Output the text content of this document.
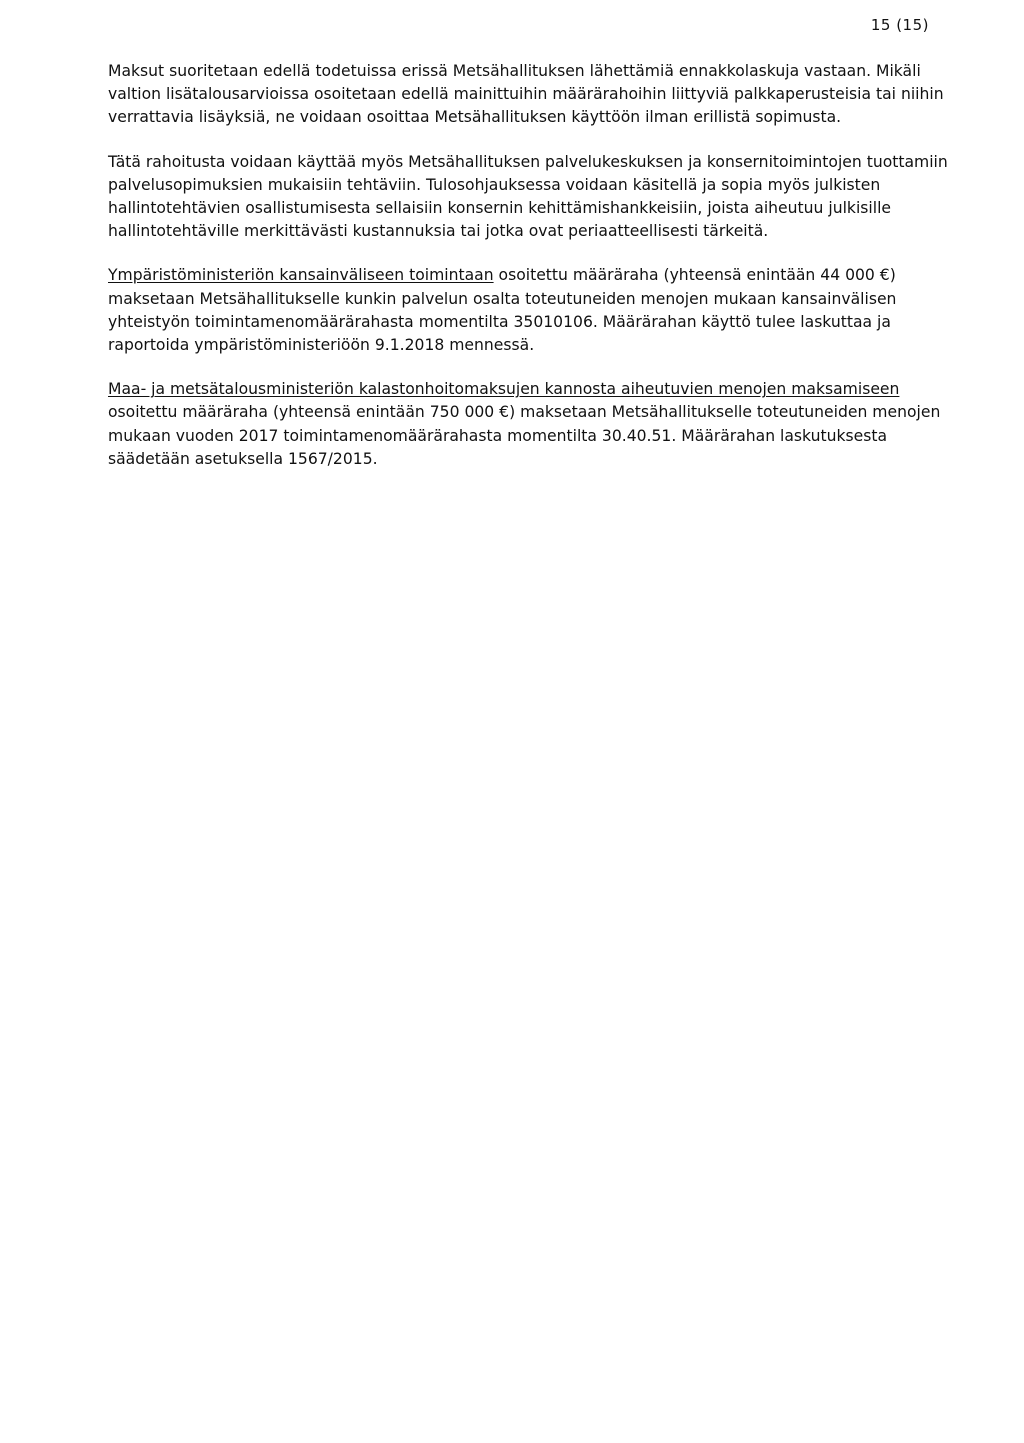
15 (15)

Maksut suoritetaan edellä todetuissa erissä Metsähallituksen lähettämiä ennakkolaskuja vastaan. Mikäli valtion lisätalousarvioissa osoitetaan edellä mainittuihin määrärahoihin liittyviä palkkaperusteisia tai niihin verrattavia lisäyksiä, ne voidaan osoittaa Metsähallituksen käyttöön ilman erillistä sopimusta.

Tätä rahoitusta voidaan käyttää myös Metsähallituksen palvelukeskuksen ja konsernitoimintojen tuottamiin palvelusopimuksien mukaisiin tehtäviin. Tulosohjauksessa voidaan käsitellä ja sopia myös julkisten hallintotehtävien osallistumisesta sellaisiin konsernin kehittämishankkeisiin, joista aiheutuu julkisille hallintotehtäville merkittävästi kustannuksia tai jotka ovat periaatteellisesti tärkeitä.

Ympäristöministeriön kansainväliseen toimintaan osoitettu määräraha (yhteensä enintään 44 000 €) maksetaan Metsähallitukselle kunkin palvelun osalta toteutuneiden menojen mukaan kansainvälisen yhteistyön toimintamenomäärärahasta momentilta 35010106. Määrärahan käyttö tulee laskuttaa ja raportoida ympäristöministeriöön 9.1.2018 mennessä.

Maa- ja metsätalousministeriön kalastonhoitomaksujen kannosta aiheutuvien menojen maksamiseen osoitettu määräraha (yhteensä enintään 750 000 €) maksetaan Metsähallitukselle toteutuneiden menojen mukaan vuoden 2017 toimintamenomäärärahasta momentilta 30.40.51. Määrärahan laskutuksesta säädetään asetuksella 1567/2015.
